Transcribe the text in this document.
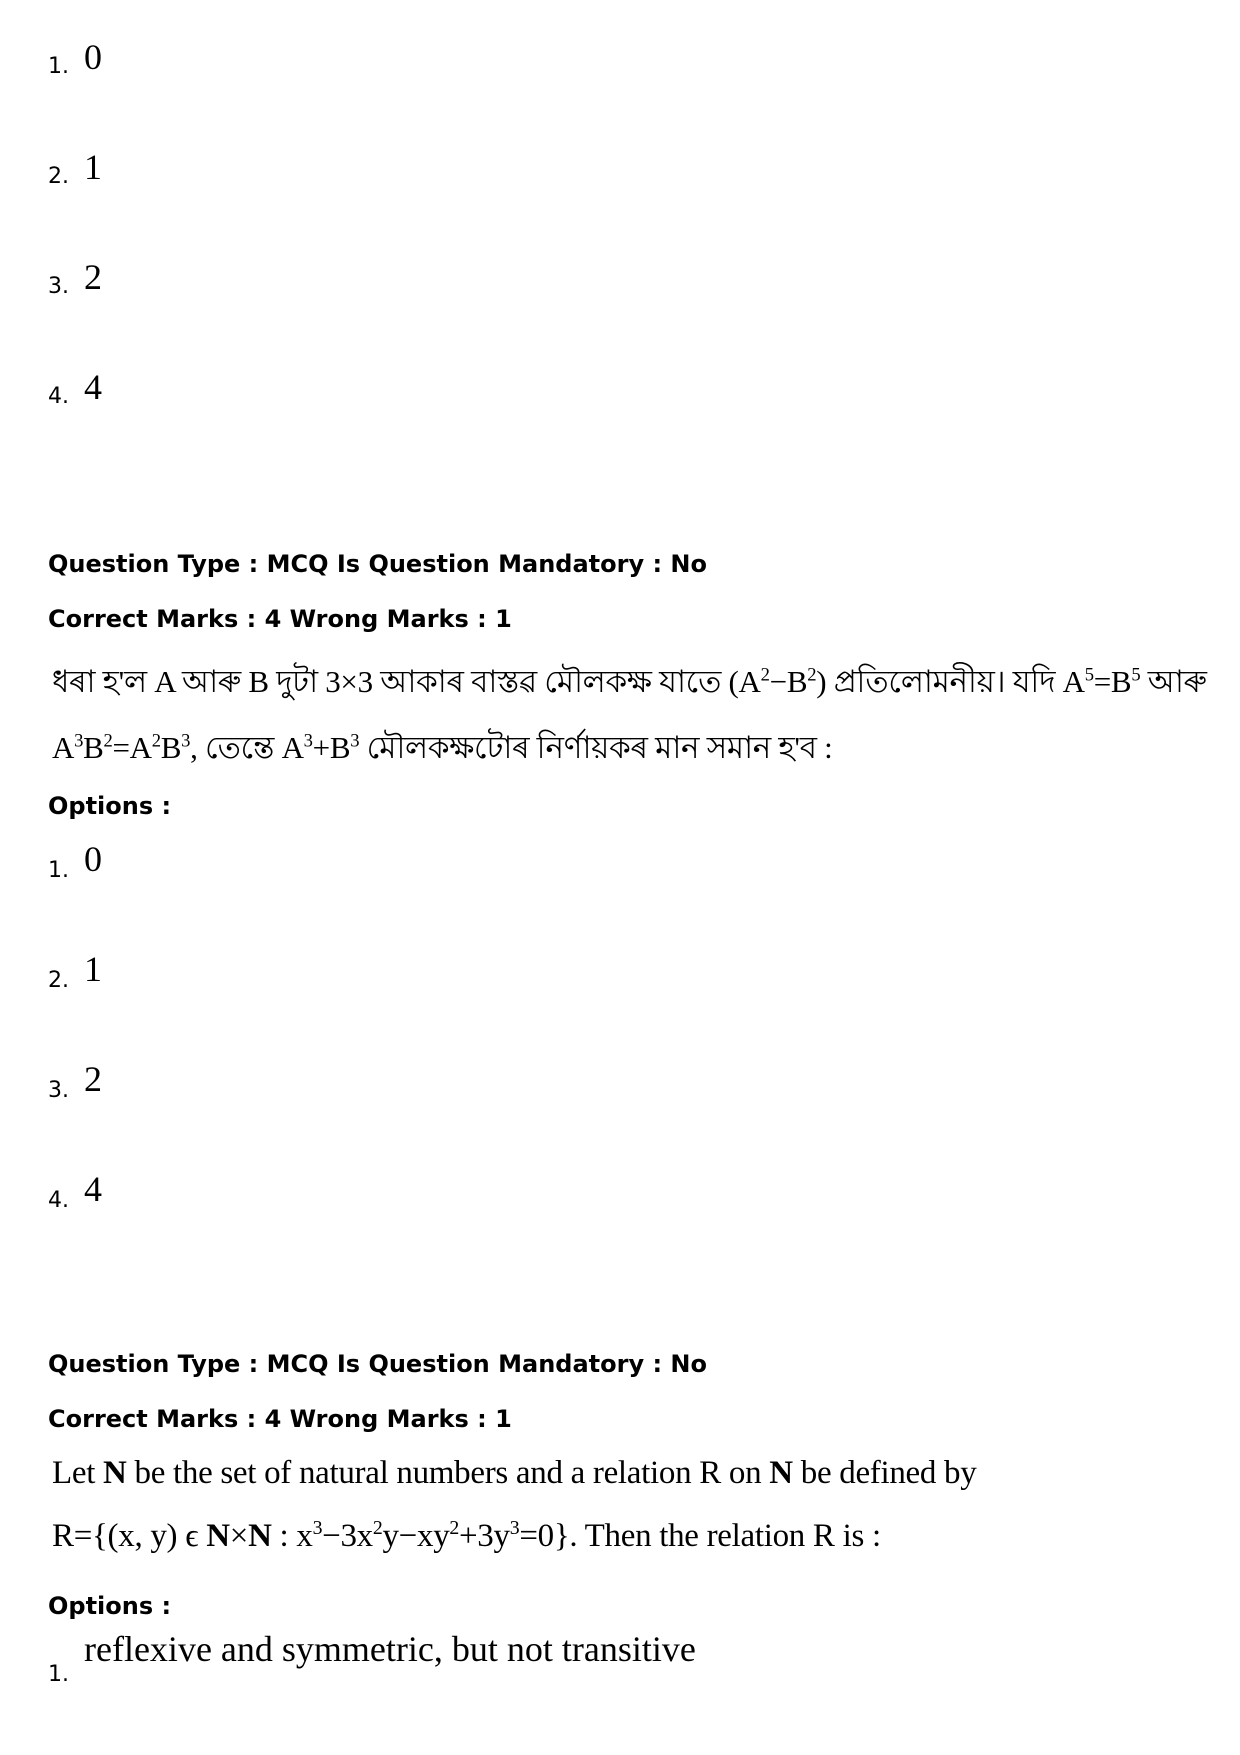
1. 0
2. 1
3. 2
4. 4
Question Type : MCQ Is Question Mandatory : No
Correct Marks : 4 Wrong Marks : 1
ধৰা হ'ল A আৰু B দুটা 3×3 আকাৰ বাস্তৱ মৌলকক্ষ যাতে $(A^2-B^2)$ প্ৰতিলোমনীয়। যদি $A^5=B^5$ আৰু
$A^3B^2=A^2B^3$, তেন্তে $A^3+B^3$ মৌলকক্ষটোৰ নিৰ্ণায়কৰ মান সমান হ'ব :
Options :
1. 0
2. 1
3. 2
4. 4
Question Type : MCQ Is Question Mandatory : No
Correct Marks : 4 Wrong Marks : 1
Let N be the set of natural numbers and a relation R on N be defined by
R={(x, y) ϵ N×N : $x^3-3x^2y-xy^2+3y^3=0$}. Then the relation R is :
Options :
1.
reflexive and symmetric, but not transitive
